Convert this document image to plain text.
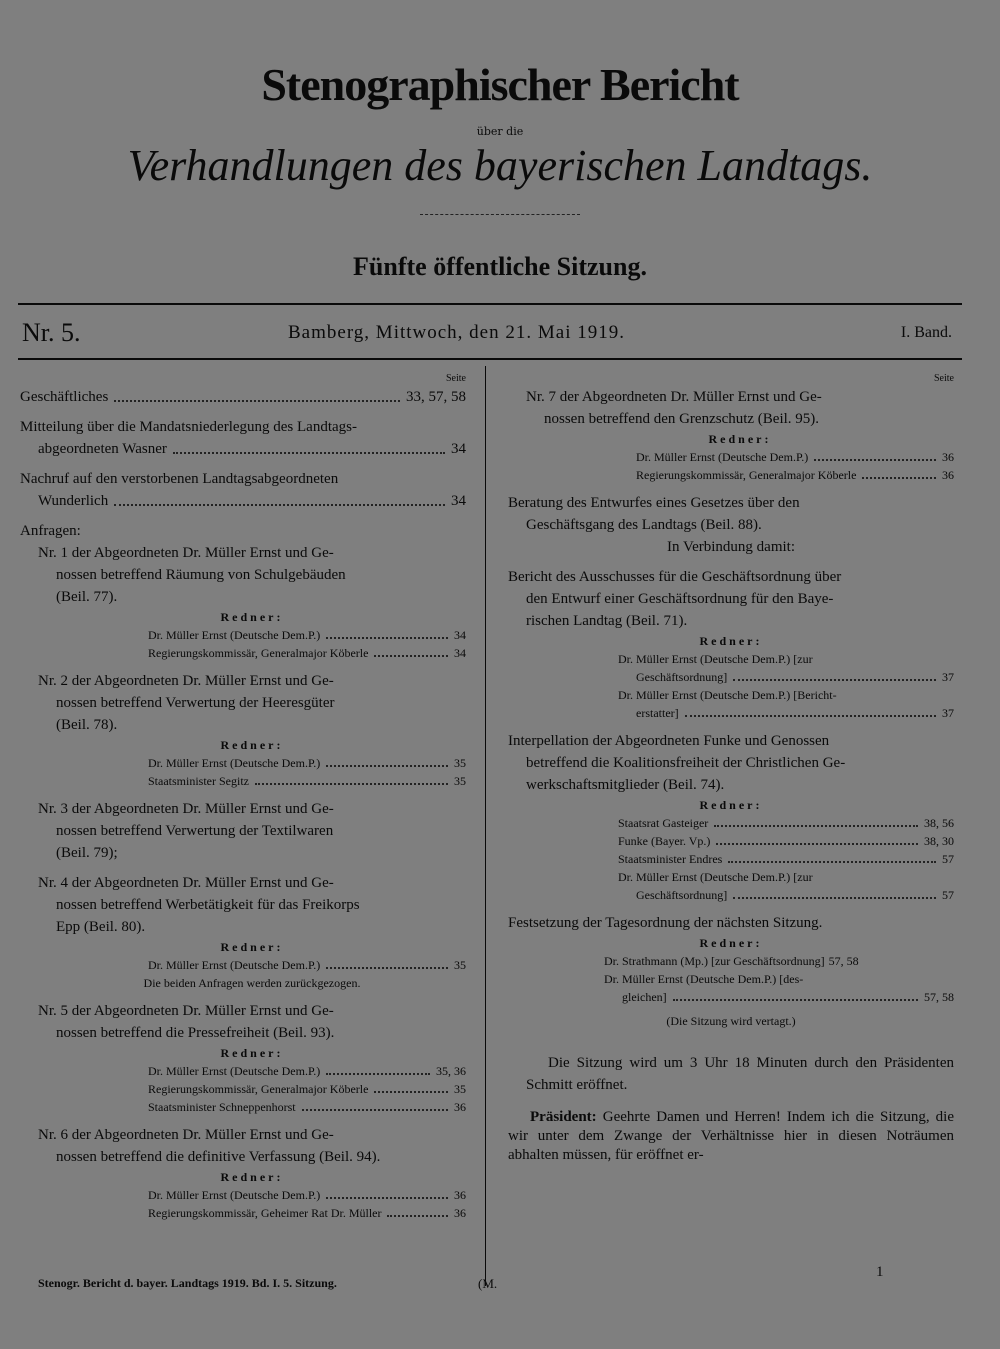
Stenographischer Bericht
über die
Verhandlungen des bayerischen Landtags.
Fünfte öffentliche Sitzung.
Nr. 5.	Bamberg, Mittwoch, den 21. Mai 1919.	I. Band.
Seite
Geschäftliches	33, 57, 58
Mitteilung über die Mandatsniederlegung des Landtags-
abgeordneten Wasner	34
Nachruf auf den verstorbenen Landtagsabgeordneten
Wunderlich	34
Anfragen:
Nr. 1 der Abgeordneten Dr. Müller Ernst und Ge-
nossen betreffend Räumung von Schulgebäuden
(Beil. 77).
Redner:
Dr. Müller Ernst (Deutsche Dem.P.)	34
Regierungskommissär, Generalmajor Köberle	34
Nr. 2 der Abgeordneten Dr. Müller Ernst und Ge-
nossen betreffend Verwertung der Heeresgüter
(Beil. 78).
Redner:
Dr. Müller Ernst (Deutsche Dem.P.)	35
Staatsminister Segitz	35
Nr. 3 der Abgeordneten Dr. Müller Ernst und Ge-
nossen betreffend Verwertung der Textilwaren
(Beil. 79);
Nr. 4 der Abgeordneten Dr. Müller Ernst und Ge-
nossen betreffend Werbetätigkeit für das Freikorps
Epp (Beil. 80).
Redner:
Dr. Müller Ernst (Deutsche Dem.P.)	35
Die beiden Anfragen werden zurückgezogen.
Nr. 5 der Abgeordneten Dr. Müller Ernst und Ge-
nossen betreffend die Pressefreiheit (Beil. 93).
Redner:
Dr. Müller Ernst (Deutsche Dem.P.)	35, 36
Regierungskommissär, Generalmajor Köberle	35
Staatsminister Schneppenhorst	36
Nr. 6 der Abgeordneten Dr. Müller Ernst und Ge-
nossen betreffend die definitive Verfassung (Beil. 94).
Redner:
Dr. Müller Ernst (Deutsche Dem.P.)	36
Regierungskommissär, Geheimer Rat Dr. Müller	36
Seite
Nr. 7 der Abgeordneten Dr. Müller Ernst und Ge-
nossen betreffend den Grenzschutz (Beil. 95).
Redner:
Dr. Müller Ernst (Deutsche Dem.P.)	36
Regierungskommissär, Generalmajor Köberle	36
Beratung des Entwurfes eines Gesetzes über den
Geschäftsgang des Landtags (Beil. 88).
In Verbindung damit:
Bericht des Ausschusses für die Geschäftsordnung über
den Entwurf einer Geschäftsordnung für den Baye-
rischen Landtag (Beil. 71).
Redner:
Dr. Müller Ernst (Deutsche Dem.P.) [zur
Geschäftsordnung]	37
Dr. Müller Ernst (Deutsche Dem.P.) [Bericht-
erstatter]	37
Interpellation der Abgeordneten Funke und Genossen
betreffend die Koalitionsfreiheit der Christlichen Ge-
werkschaftsmitglieder (Beil. 74).
Redner:
Staatsrat Gasteiger	38, 56
Funke (Bayer. Vp.)	38, 30
Staatsminister Endres	57
Dr. Müller Ernst (Deutsche Dem.P.) [zur
Geschäftsordnung]	57
Festsetzung der Tagesordnung der nächsten Sitzung.
Redner:
Dr. Strathmann (Mp.) [zur Geschäftsordnung] 57, 58
Dr. Müller Ernst (Deutsche Dem.P.) [des-
gleichen]	57, 58
(Die Sitzung wird vertagt.)
Die Sitzung wird um 3 Uhr 18 Minuten durch den Präsidenten Schmitt eröffnet.
Präsident: Geehrte Damen und Herren! Indem ich die Sitzung, die wir unter dem Zwange der Verhältnisse hier in diesen Noträumen abhalten müssen, für eröffnet er-
Stenogr. Bericht d. bayer. Landtags 1919. Bd. I. 5. Sitzung.	(M.
1
